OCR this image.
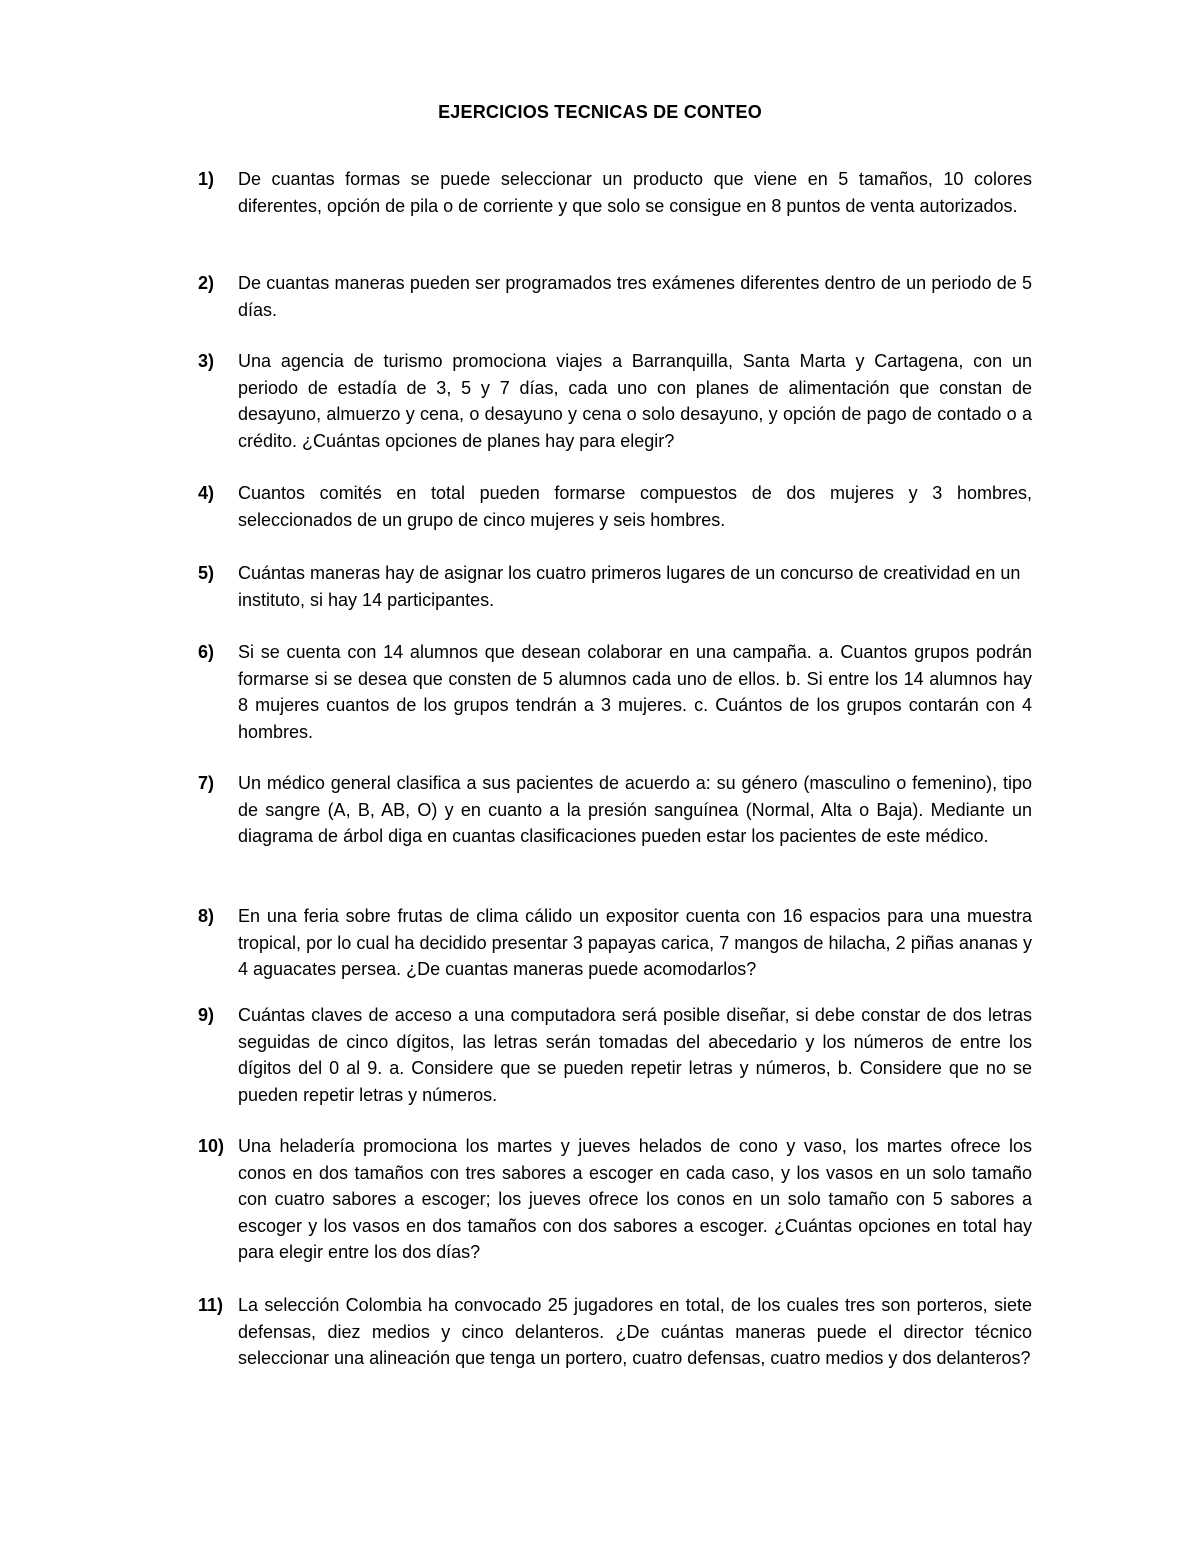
EJERCICIOS TECNICAS DE CONTEO
1)	De cuantas formas se puede seleccionar un producto que viene en 5 tamaños, 10 colores diferentes, opción de pila o de corriente y que solo se consigue en 8 puntos de venta autorizados.
2)	De cuantas maneras pueden ser programados tres exámenes diferentes dentro de un periodo de 5 días.
3)	Una agencia de turismo promociona viajes a Barranquilla, Santa Marta y Cartagena, con un periodo de estadía de 3, 5 y 7 días, cada uno con planes de alimentación que constan de desayuno, almuerzo y cena, o desayuno y cena o solo desayuno, y opción de pago de contado o a crédito. ¿Cuántas opciones de planes hay para elegir?
4)	Cuantos comités en total pueden formarse compuestos de dos mujeres y 3 hombres, seleccionados de un grupo de cinco mujeres y seis hombres.
5)	Cuántas maneras hay de asignar los cuatro primeros lugares de un concurso de creatividad en un instituto, si hay 14 participantes.
6)	Si se cuenta con 14 alumnos que desean colaborar en una campaña. a. Cuantos grupos podrán formarse si se desea que consten de 5 alumnos cada uno de ellos. b. Si entre los 14 alumnos hay 8 mujeres cuantos de los grupos tendrán a 3 mujeres. c. Cuántos de los grupos contarán con 4 hombres.
7)	Un médico general clasifica a sus pacientes de acuerdo a: su género (masculino o femenino), tipo de sangre (A, B, AB, O) y en cuanto a la presión sanguínea (Normal, Alta o Baja). Mediante un diagrama de árbol diga en cuantas clasificaciones pueden estar los pacientes de este médico.
8)	En una feria sobre frutas de clima cálido un expositor cuenta con 16 espacios para una muestra tropical, por lo cual ha decidido presentar 3 papayas carica, 7 mangos de hilacha, 2 piñas ananas y 4 aguacates persea. ¿De cuantas maneras puede acomodarlos?
9)	Cuántas claves de acceso a una computadora será posible diseñar, si debe constar de dos letras seguidas de cinco dígitos, las letras serán tomadas del abecedario y los números de entre los dígitos del 0 al 9. a. Considere que se pueden repetir letras y números, b. Considere que no se pueden repetir letras y números.
10) Una heladería promociona los martes y jueves helados de cono y vaso, los martes ofrece los conos en dos tamaños con tres sabores a escoger en cada caso, y los vasos en un solo tamaño con cuatro sabores a escoger; los jueves ofrece los conos en un solo tamaño con 5 sabores a escoger y los vasos en dos tamaños con dos sabores a escoger. ¿Cuántas opciones en total hay para elegir entre los dos días?
11) La selección Colombia ha convocado 25 jugadores en total, de los cuales tres son porteros, siete defensas, diez medios y cinco delanteros. ¿De cuántas maneras puede el director técnico seleccionar una alineación que tenga un portero, cuatro defensas, cuatro medios y dos delanteros?
